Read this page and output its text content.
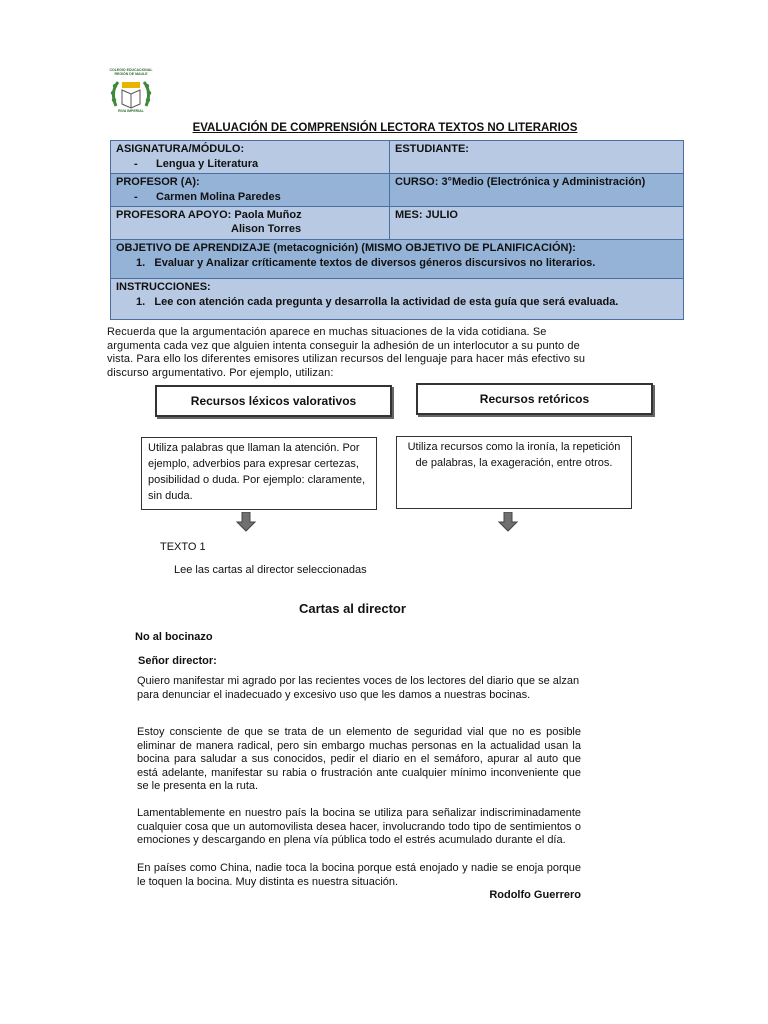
COLEGIO EDUCACIONAL REGIÓN DE MAULE
RIVA IMPERIAL
EVALUACIÓN DE COMPRENSIÓN LECTORA TEXTOS NO LITERARIOS
ASIGNATURA/MÓDULO:
- Lengua y Literatura	ESTUDIANTE:

PROFESOR (A):
- Carmen Molina Paredes	CURSO: 3°Medio (Electrónica y Administración)

PROFESORA APOYO: Paola Muñoz
Alison Torres	MES: JULIO

OBJETIVO DE APRENDIZAJE (metacognición) (MISMO OBJETIVO DE PLANIFICACIÓN):
1. Evaluar y Analizar críticamente textos de diversos géneros discursivos no literarios.	

INSTRUCCIONES:
1. Lee con atención cada pregunta y desarrolla la actividad de esta guía que será evaluada.	
Recuerda que la argumentación aparece en muchas situaciones de la vida cotidiana. Se argumenta cada vez que alguien intenta conseguir la adhesión de un interlocutor a su punto de vista. Para ello los diferentes emisores utilizan recursos del lenguaje para hacer más efectivo su discurso argumentativo. Por ejemplo, utilizan:
Recursos léxicos valorativos	Recursos retóricos
Utiliza palabras que llaman la atención. Por ejemplo, adverbios para expresar certezas, posibilidad o duda. Por ejemplo: claramente, sin duda.
Utiliza recursos como la ironía, la repetición de palabras, la exageración, entre otros.
TEXTO 1
Lee las cartas al director seleccionadas
Cartas al director
No al bocinazo
Señor director:
Quiero manifestar mi agrado por las recientes voces de los lectores del diario que se alzan para denunciar el inadecuado y excesivo uso que les damos a nuestras bocinas.
Estoy consciente de que se trata de un elemento de seguridad vial que no es posible eliminar de manera radical, pero sin embargo muchas personas en la actualidad usan la bocina para saludar a sus conocidos, pedir el diario en el semáforo, apurar al auto que está adelante, manifestar su rabia o frustración ante cualquier mínimo inconveniente que se le presenta en la ruta.
Lamentablemente en nuestro país la bocina se utiliza para señalizar indiscriminadamente cualquier cosa que un automovilista desea hacer, involucrando todo tipo de sentimientos o emociones y descargando en plena vía pública todo el estrés acumulado durante el día.
En países como China, nadie toca la bocina porque está enojado y nadie se enoja porque le toquen la bocina. Muy distinta es nuestra situación.
Rodolfo Guerrero
